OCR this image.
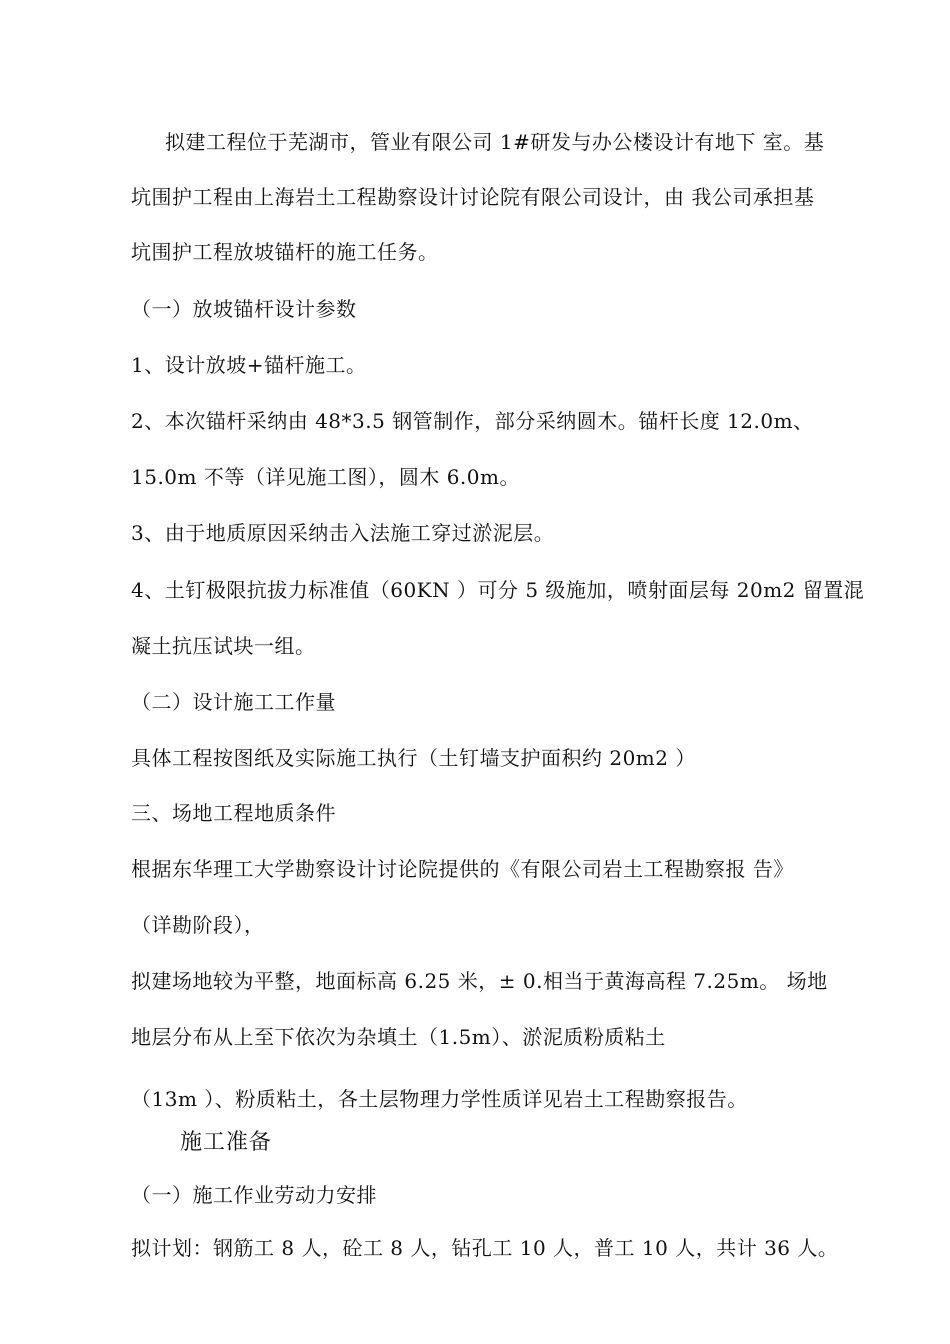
拟建工程位于芜湖市，管业有限公司 1#研发与办公楼设计有地下 室。基
坑围护工程由上海岩土工程勘察设计讨论院有限公司设计，由 我公司承担基
坑围护工程放坡锚杆的施工任务。
（一）放坡锚杆设计参数
1、设计放坡+锚杆施工。
2、本次锚杆采纳由 48*3.5 钢管制作，部分采纳圆木。锚杆长度 12.0m、
15.0m 不等（详见施工图），圆木 6.0m。
3、由于地质原因采纳击入法施工穿过淤泥层。
4、土钉极限抗拔力标准值（60KN ）可分 5 级施加，喷射面层每 20m2 留置混
凝土抗压试块一组。
（二）设计施工工作量
具体工程按图纸及实际施工执行（土钉墙支护面积约 20m2 ）
三、场地工程地质条件
根据东华理工大学勘察设计讨论院提供的《有限公司岩土工程勘察报 告》
（详勘阶段），
拟建场地较为平整，地面标高 6.25 米，± 0.相当于黄海高程 7.25m。 场地
地层分布从上至下依次为杂填土（1.5m）、淤泥质粉质粘土
（13m ）、粉质粘土，各土层物理力学性质详见岩土工程勘察报告。
施工准备
（一）施工作业劳动力安排
拟计划：钢筋工 8 人，砼工 8 人，钻孔工 10 人，普工 10 人，共计 36 人。
